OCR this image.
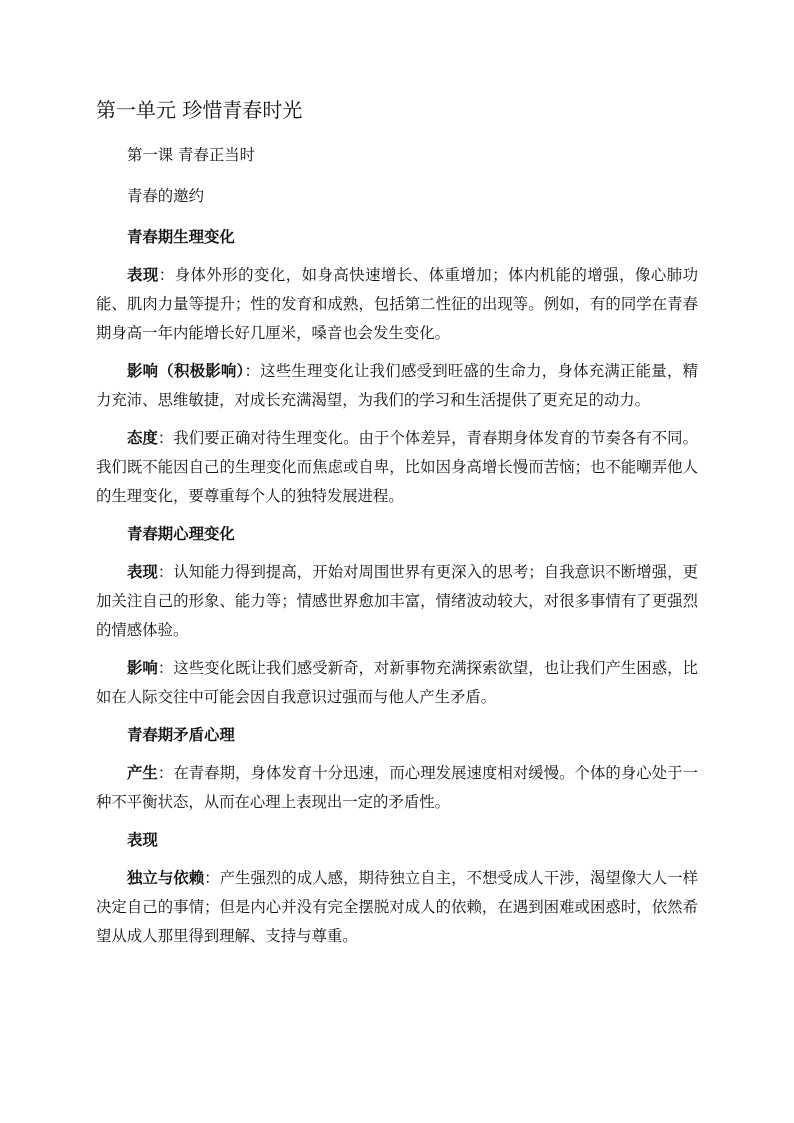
第一单元 珍惜青春时光

第一课 青春正当时

青春的邀约

青春期生理变化

表现：身体外形的变化，如身高快速增长、体重增加；体内机能的增强，像心肺功能、肌肉力量等提升；性的发育和成熟，包括第二性征的出现等。例如，有的同学在青春期身高一年内能增长好几厘米，嗓音也会发生变化。

影响（积极影响）：这些生理变化让我们感受到旺盛的生命力，身体充满正能量，精力充沛、思维敏捷，对成长充满渴望，为我们的学习和生活提供了更充足的动力。

态度：我们要正确对待生理变化。由于个体差异，青春期身体发育的节奏各有不同。我们既不能因自己的生理变化而焦虑或自卑，比如因身高增长慢而苦恼；也不能嘲弄他人的生理变化，要尊重每个人的独特发展进程。

青春期心理变化

表现：认知能力得到提高，开始对周围世界有更深入的思考；自我意识不断增强，更加关注自己的形象、能力等；情感世界愈加丰富，情绪波动较大，对很多事情有了更强烈的情感体验。

影响：这些变化既让我们感受新奇，对新事物充满探索欲望，也让我们产生困惑，比如在人际交往中可能会因自我意识过强而与他人产生矛盾。

青春期矛盾心理

产生：在青春期，身体发育十分迅速，而心理发展速度相对缓慢。个体的身心处于一种不平衡状态，从而在心理上表现出一定的矛盾性。

表现

独立与依赖：产生强烈的成人感，期待独立自主，不想受成人干涉，渴望像大人一样决定自己的事情；但是内心并没有完全摆脱对成人的依赖，在遇到困难或困惑时，依然希望从成人那里得到理解、支持与尊重。
